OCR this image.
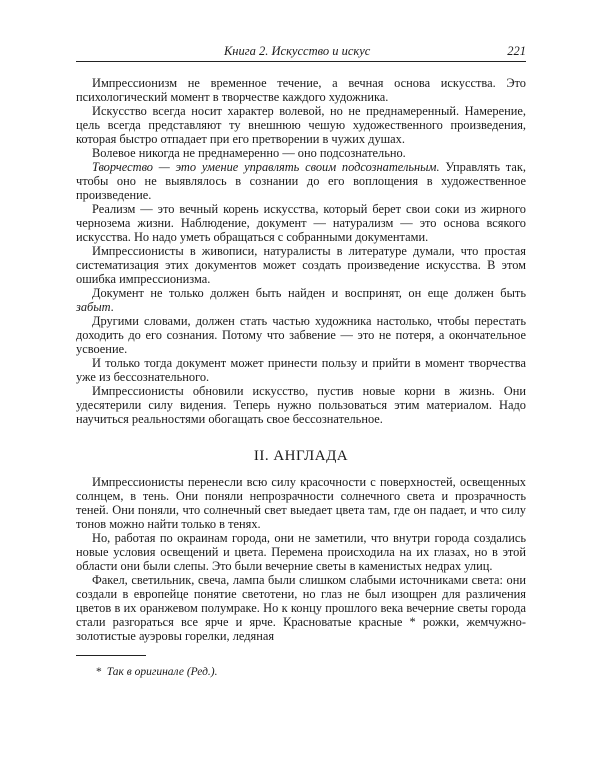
Книга 2. Искусство и искус	221

Импрессионизм не временное течение, а вечная основа искусства. Это психологический момент в творчестве каждого художника.

Искусство всегда носит характер волевой, но не преднамеренный. Намерение, цель всегда представляют ту внешнюю чешую художественного произведения, которая быстро отпадает при его претворении в чужих душах.

Волевое никогда не преднамеренно — оно подсознательно.

Творчество — это умение управлять своим подсознательным. Управлять так, чтобы оно не выявлялось в сознании до его воплощения в художественное произведение.

Реализм — это вечный корень искусства, который берет свои соки из жирного чернозема жизни. Наблюдение, документ — натурализм — это основа всякого искусства. Но надо уметь обращаться с собранными документами.

Импрессионисты в живописи, натуралисты в литературе думали, что простая систематизация этих документов может создать произведение искусства. В этом ошибка импрессионизма.

Документ не только должен быть найден и воспринят, он еще должен быть забыт.

Другими словами, должен стать частью художника настолько, чтобы перестать доходить до его сознания. Потому что забвение — это не потеря, а окончательное усвоение.

И только тогда документ может принести пользу и прийти в момент творчества уже из бессознательного.

Импрессионисты обновили искусство, пустив новые корни в жизнь. Они удесятерили силу видения. Теперь нужно пользоваться этим материалом. Надо научиться реальностями обогащать свое бессознательное.

II. АНГЛАДА

Импрессионисты перенесли всю силу красочности с поверхностей, освещенных солнцем, в тень. Они поняли непрозрачности солнечного света и прозрачность теней. Они поняли, что солнечный свет выедает цвета там, где он падает, и что силу тонов можно найти только в тенях.

Но, работая по окраинам города, они не заметили, что внутри города создались новые условия освещений и цвета. Перемена происходила на их глазах, но в этой области они были слепы. Это были вечерние светы в каменистых недрах улиц.

Факел, светильник, свеча, лампа были слишком слабыми источниками света: они создали в европейце понятие светотени, но глаз не был изощрен для различения цветов в их оранжевом полумраке. Но к концу прошлого века вечерние светы города стали разгораться все ярче и ярче. Красноватые красные * рожки, жемчужно-золотистые ауэровы горелки, ледяная

* Так в оригинале (Ред.).
